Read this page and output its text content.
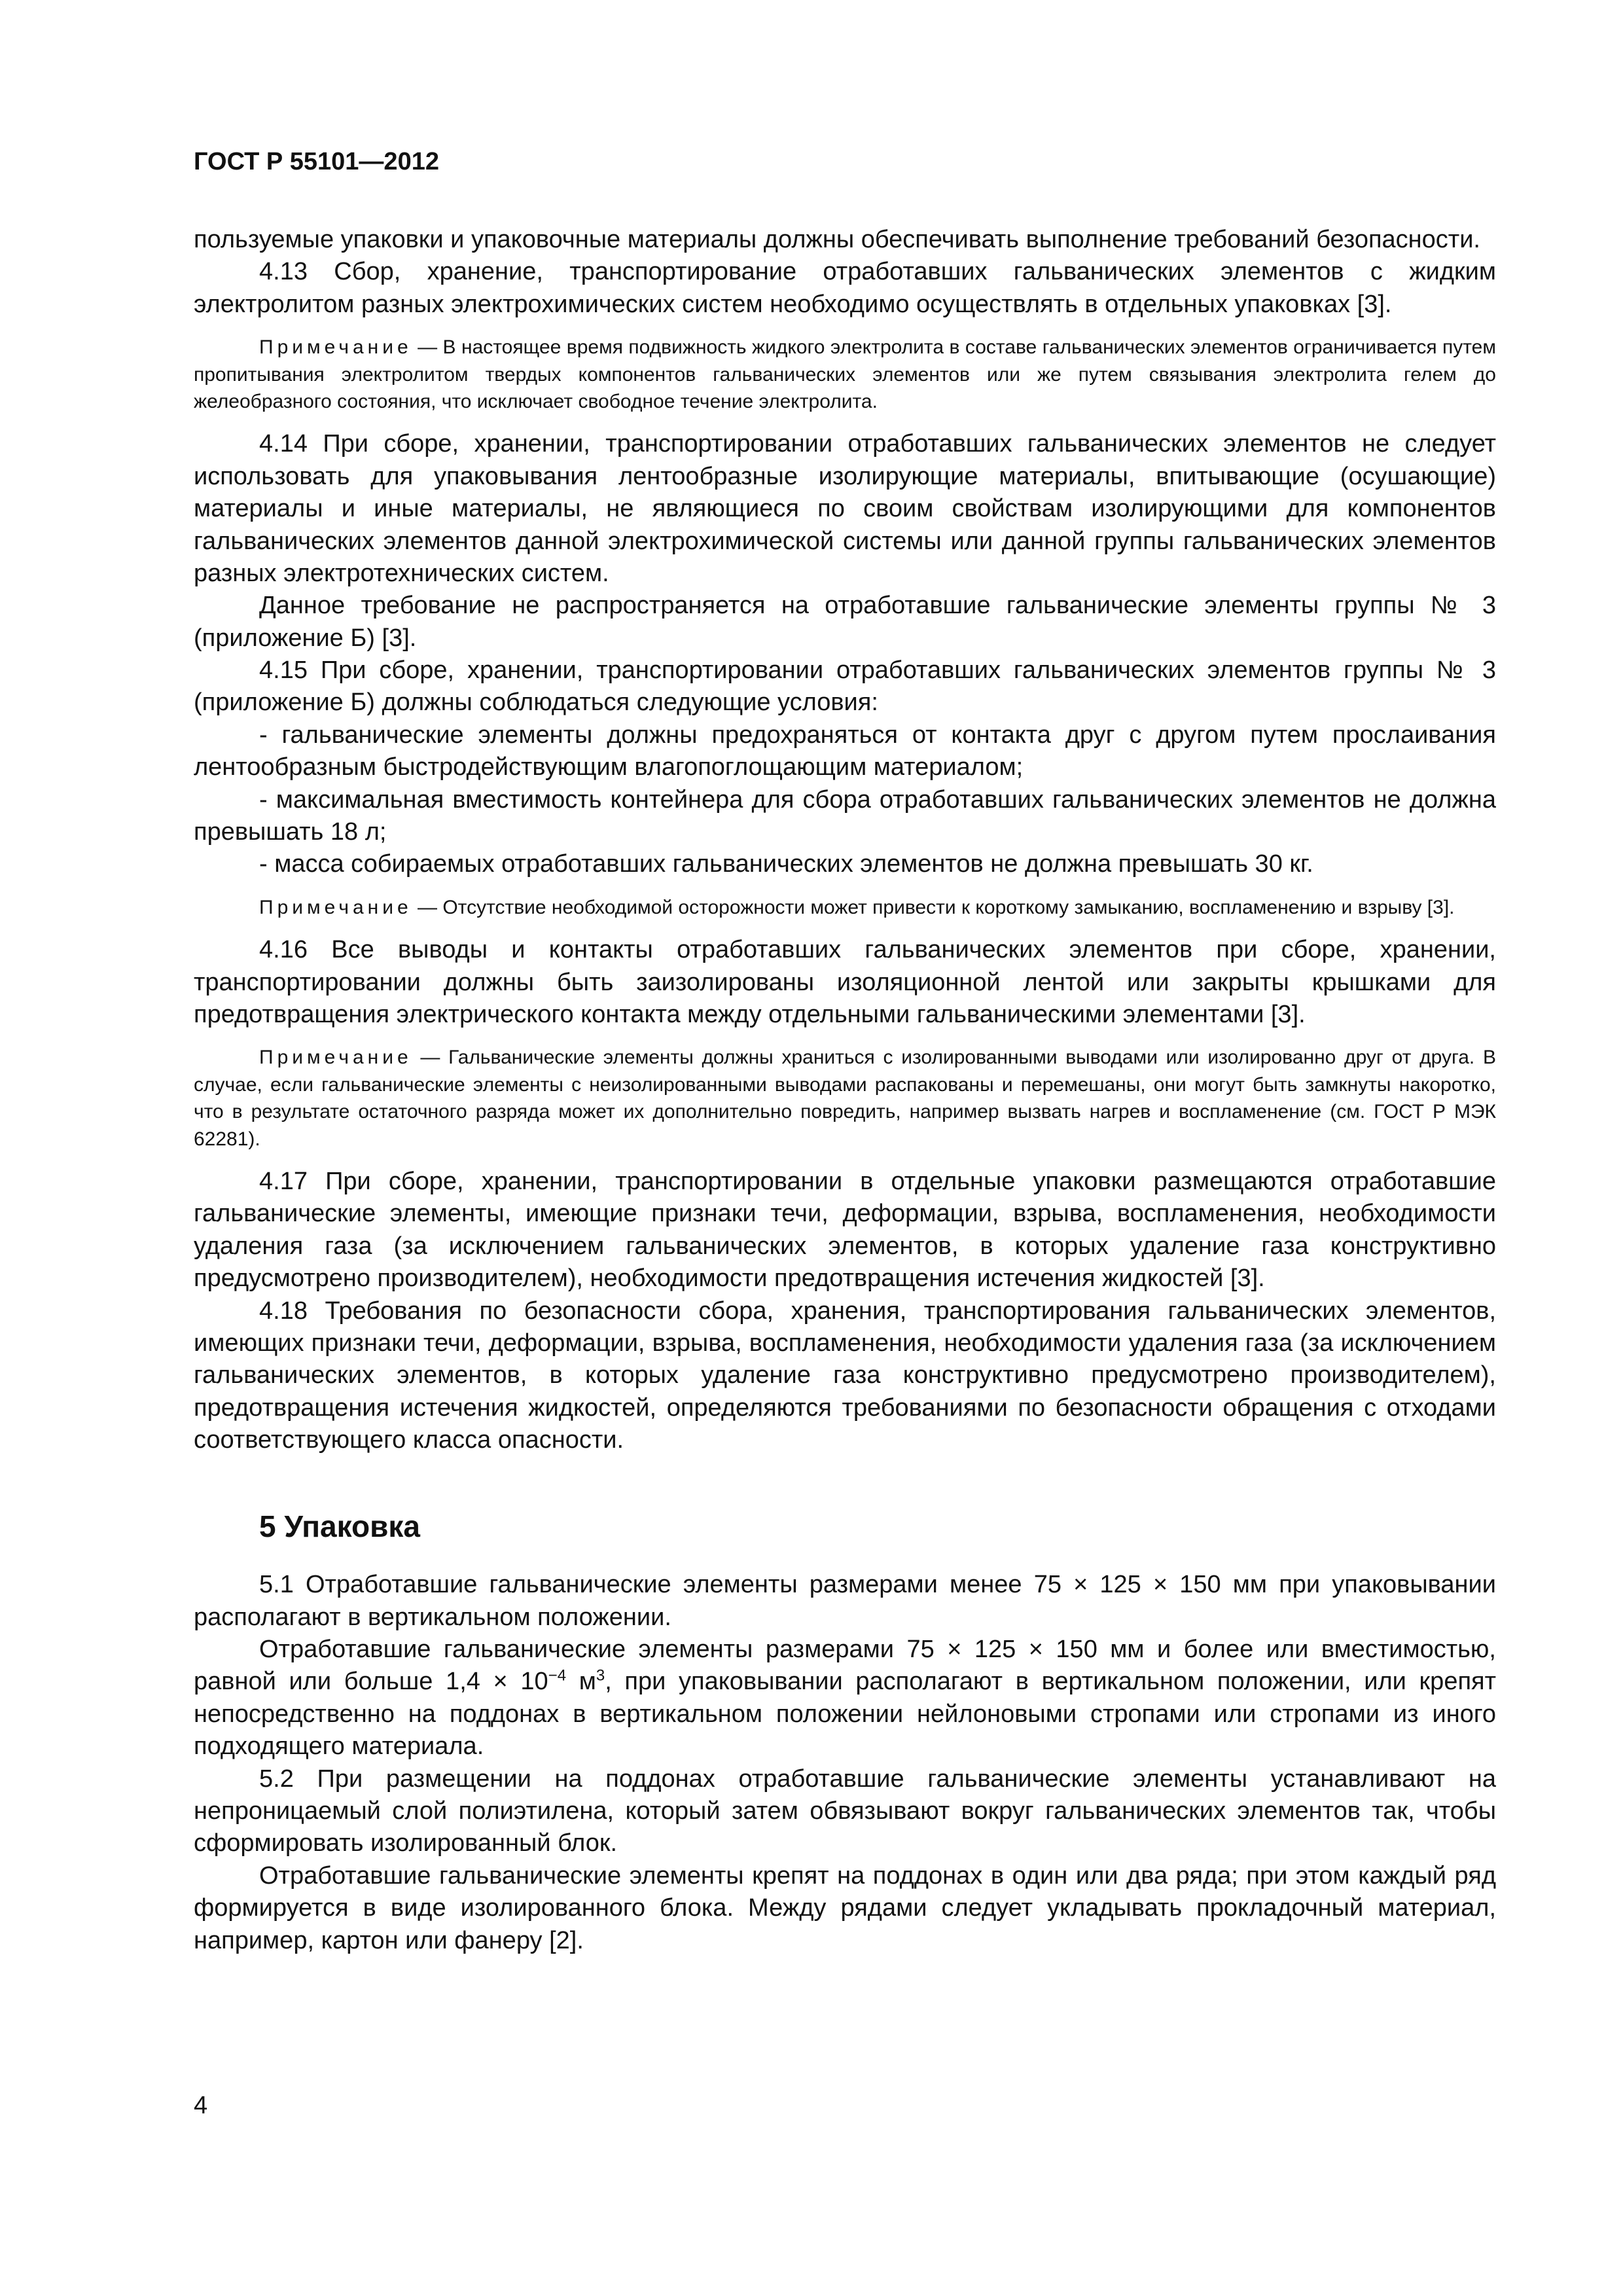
ГОСТ Р 55101—2012

пользуемые упаковки и упаковочные материалы должны обеспечивать выполнение требований безопасности.

4.13 Сбор, хранение, транспортирование отработавших гальванических элементов с жидким электролитом разных электрохимических систем необходимо осуществлять в отдельных упаковках [3].

Примечание — В настоящее время подвижность жидкого электролита в составе гальванических элементов ограничивается путем пропитывания электролитом твердых компонентов гальванических элементов или же путем связывания электролита гелем до желеобразного состояния, что исключает свободное течение электролита.

4.14 При сборе, хранении, транспортировании отработавших гальванических элементов не следует использовать для упаковывания лентообразные изолирующие материалы, впитывающие (осушающие) материалы и иные материалы, не являющиеся по своим свойствам изолирующими для компонентов гальванических элементов данной электрохимической системы или данной группы гальванических элементов разных электротехнических систем.

Данное требование не распространяется на отработавшие гальванические элементы группы № 3 (приложение Б) [3].

4.15 При сборе, хранении, транспортировании отработавших гальванических элементов группы № 3 (приложение Б) должны соблюдаться следующие условия:

- гальванические элементы должны предохраняться от контакта друг с другом путем прослаивания лентообразным быстродействующим влагопоглощающим материалом;
- максимальная вместимость контейнера для сбора отработавших гальванических элементов не должна превышать 18 л;
- масса собираемых отработавших гальванических элементов не должна превышать 30 кг.

Примечание — Отсутствие необходимой осторожности может привести к короткому замыканию, воспламенению и взрыву [3].

4.16 Все выводы и контакты отработавших гальванических элементов при сборе, хранении, транспортировании должны быть заизолированы изоляционной лентой или закрыты крышками для предотвращения электрического контакта между отдельными гальваническими элементами [3].

Примечание — Гальванические элементы должны храниться с изолированными выводами или изолированно друг от друга. В случае, если гальванические элементы с неизолированными выводами распакованы и перемешаны, они могут быть замкнуты накоротко, что в результате остаточного разряда может их дополнительно повредить, например вызвать нагрев и воспламенение (см. ГОСТ Р МЭК 62281).

4.17 При сборе, хранении, транспортировании в отдельные упаковки размещаются отработавшие гальванические элементы, имеющие признаки течи, деформации, взрыва, воспламенения, необходимости удаления газа (за исключением гальванических элементов, в которых удаление газа конструктивно предусмотрено производителем), необходимости предотвращения истечения жидкостей [3].

4.18 Требования по безопасности сбора, хранения, транспортирования гальванических элементов, имеющих признаки течи, деформации, взрыва, воспламенения, необходимости удаления газа (за исключением гальванических элементов, в которых удаление газа конструктивно предусмотрено производителем), предотвращения истечения жидкостей, определяются требованиями по безопасности обращения с отходами соответствующего класса опасности.

5 Упаковка

5.1 Отработавшие гальванические элементы размерами менее 75 × 125 × 150 мм при упаковывании располагают в вертикальном положении.

Отработавшие гальванические элементы размерами 75 × 125 × 150 мм и более или вместимостью, равной или больше $1,4 \times 10^{-4}$ $м^3$, при упаковывании располагают в вертикальном положении, или крепят непосредственно на поддонах в вертикальном положении нейлоновыми стропами или стропами из иного подходящего материала.

5.2 При размещении на поддонах отработавшие гальванические элементы устанавливают на непроницаемый слой полиэтилена, который затем обвязывают вокруг гальванических элементов так, чтобы сформировать изолированный блок.

Отработавшие гальванические элементы крепят на поддонах в один или два ряда; при этом каждый ряд формируется в виде изолированного блока. Между рядами следует укладывать прокладочный материал, например, картон или фанеру [2].

4
